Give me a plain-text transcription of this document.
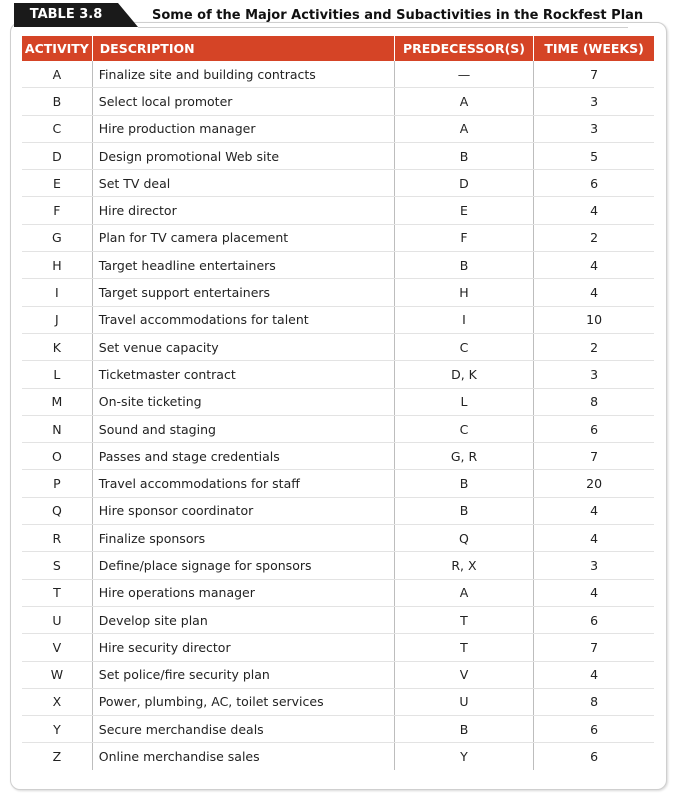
TABLE 3.8	Some of the Major Activities and Subactivities in the Rockfest Plan
ACTIVITY	DESCRIPTION	PREDECESSOR(S)	TIME (WEEKS)
A	Finalize site and building contracts	—	7
B	Select local promoter	A	3
C	Hire production manager	A	3
D	Design promotional Web site	B	5
E	Set TV deal	D	6
F	Hire director	E	4
G	Plan for TV camera placement	F	2
H	Target headline entertainers	B	4
I	Target support entertainers	H	4
J	Travel accommodations for talent	I	10
K	Set venue capacity	C	2
L	Ticketmaster contract	D, K	3
M	On-site ticketing	L	8
N	Sound and staging	C	6
O	Passes and stage credentials	G, R	7
P	Travel accommodations for staff	B	20
Q	Hire sponsor coordinator	B	4
R	Finalize sponsors	Q	4
S	Define/place signage for sponsors	R, X	3
T	Hire operations manager	A	4
U	Develop site plan	T	6
V	Hire security director	T	7
W	Set police/fire security plan	V	4
X	Power, plumbing, AC, toilet services	U	8
Y	Secure merchandise deals	B	6
Z	Online merchandise sales	Y	6
